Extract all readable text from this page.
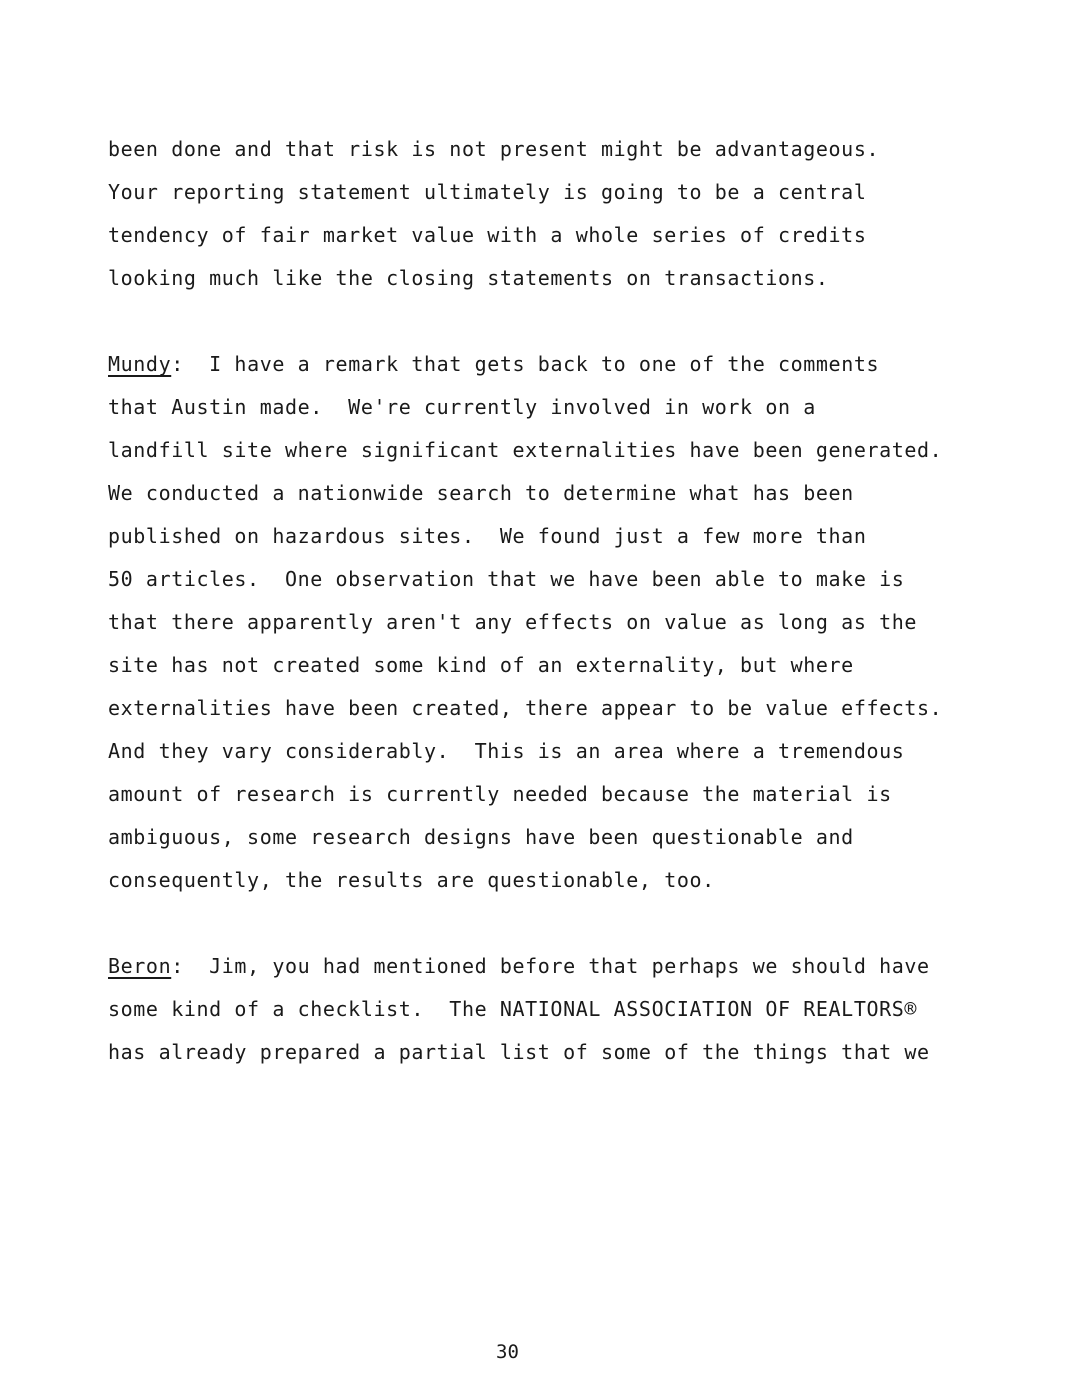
been done and that risk is not present might be advantageous.
Your reporting statement ultimately is going to be a central
tendency of fair market value with a whole series of credits
looking much like the closing statements on transactions.
Mundy:  I have a remark that gets back to one of the comments
that Austin made.  We're currently involved in work on a
landfill site where significant externalities have been generated.
We conducted a nationwide search to determine what has been
published on hazardous sites.  We found just a few more than
50 articles.  One observation that we have been able to make is
that there apparently aren't any effects on value as long as the
site has not created some kind of an externality, but where
externalities have been created, there appear to be value effects.
And they vary considerably.  This is an area where a tremendous
amount of research is currently needed because the material is
ambiguous, some research designs have been questionable and
consequently, the results are questionable, too.
Beron:  Jim, you had mentioned before that perhaps we should have
some kind of a checklist.  The NATIONAL ASSOCIATION OF REALTORS®
has already prepared a partial list of some of the things that we
30
